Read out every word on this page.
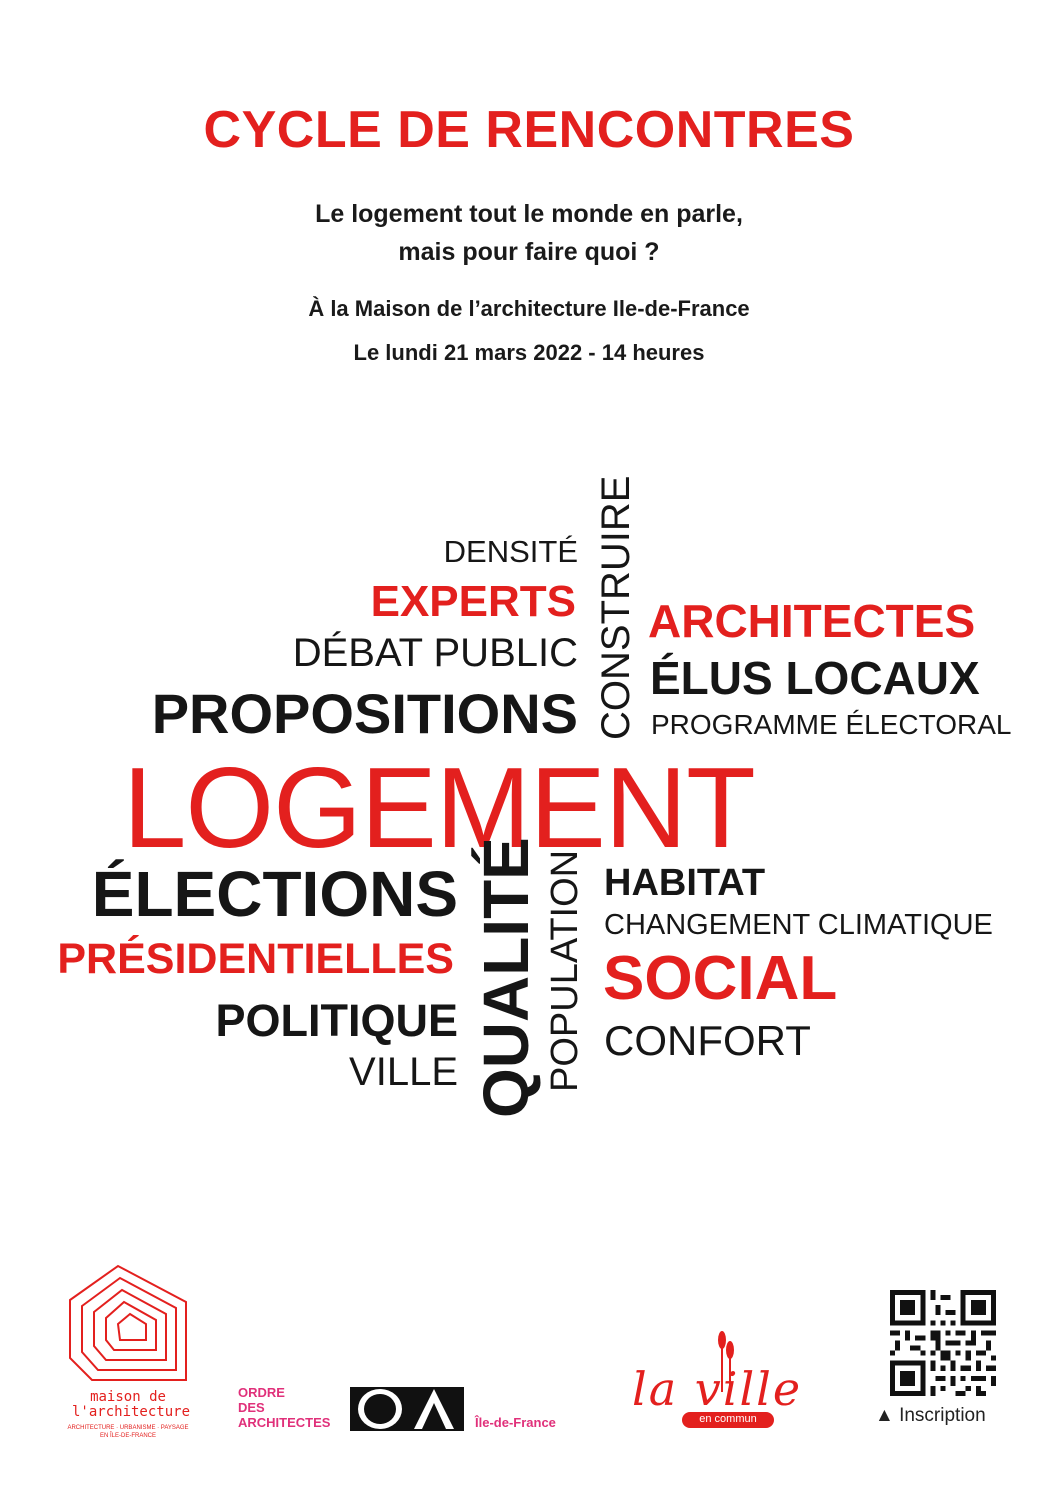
CYCLE DE RENCONTRES
Le logement tout le monde en parle,
mais pour faire quoi ?
À la Maison de l’architecture Ile-de-France
Le lundi 21 mars 2022 - 14 heures
DENSITÉ
EXPERTS
DÉBAT PUBLIC
PROPOSITIONS CONSTRUIRE ARCHITECTES
ÉLUS LOCAUX
PROGRAMME ÉLECTORAL
LOGEMENT
ÉLECTIONS
PRÉSIDENTIELLES
POLITIQUE
VILLE QUALITÉ POPULATION HABITAT
CHANGEMENT CLIMATIQUE
SOCIAL
CONFORT
maison de
l'architecture
ARCHITECTURE · URBANISME · PAYSAGE
EN ÎLE-DE-FRANCE
ORDRE
DES
ARCHITECTES	Île-de-France
la ville
en commun	▲ Inscription
